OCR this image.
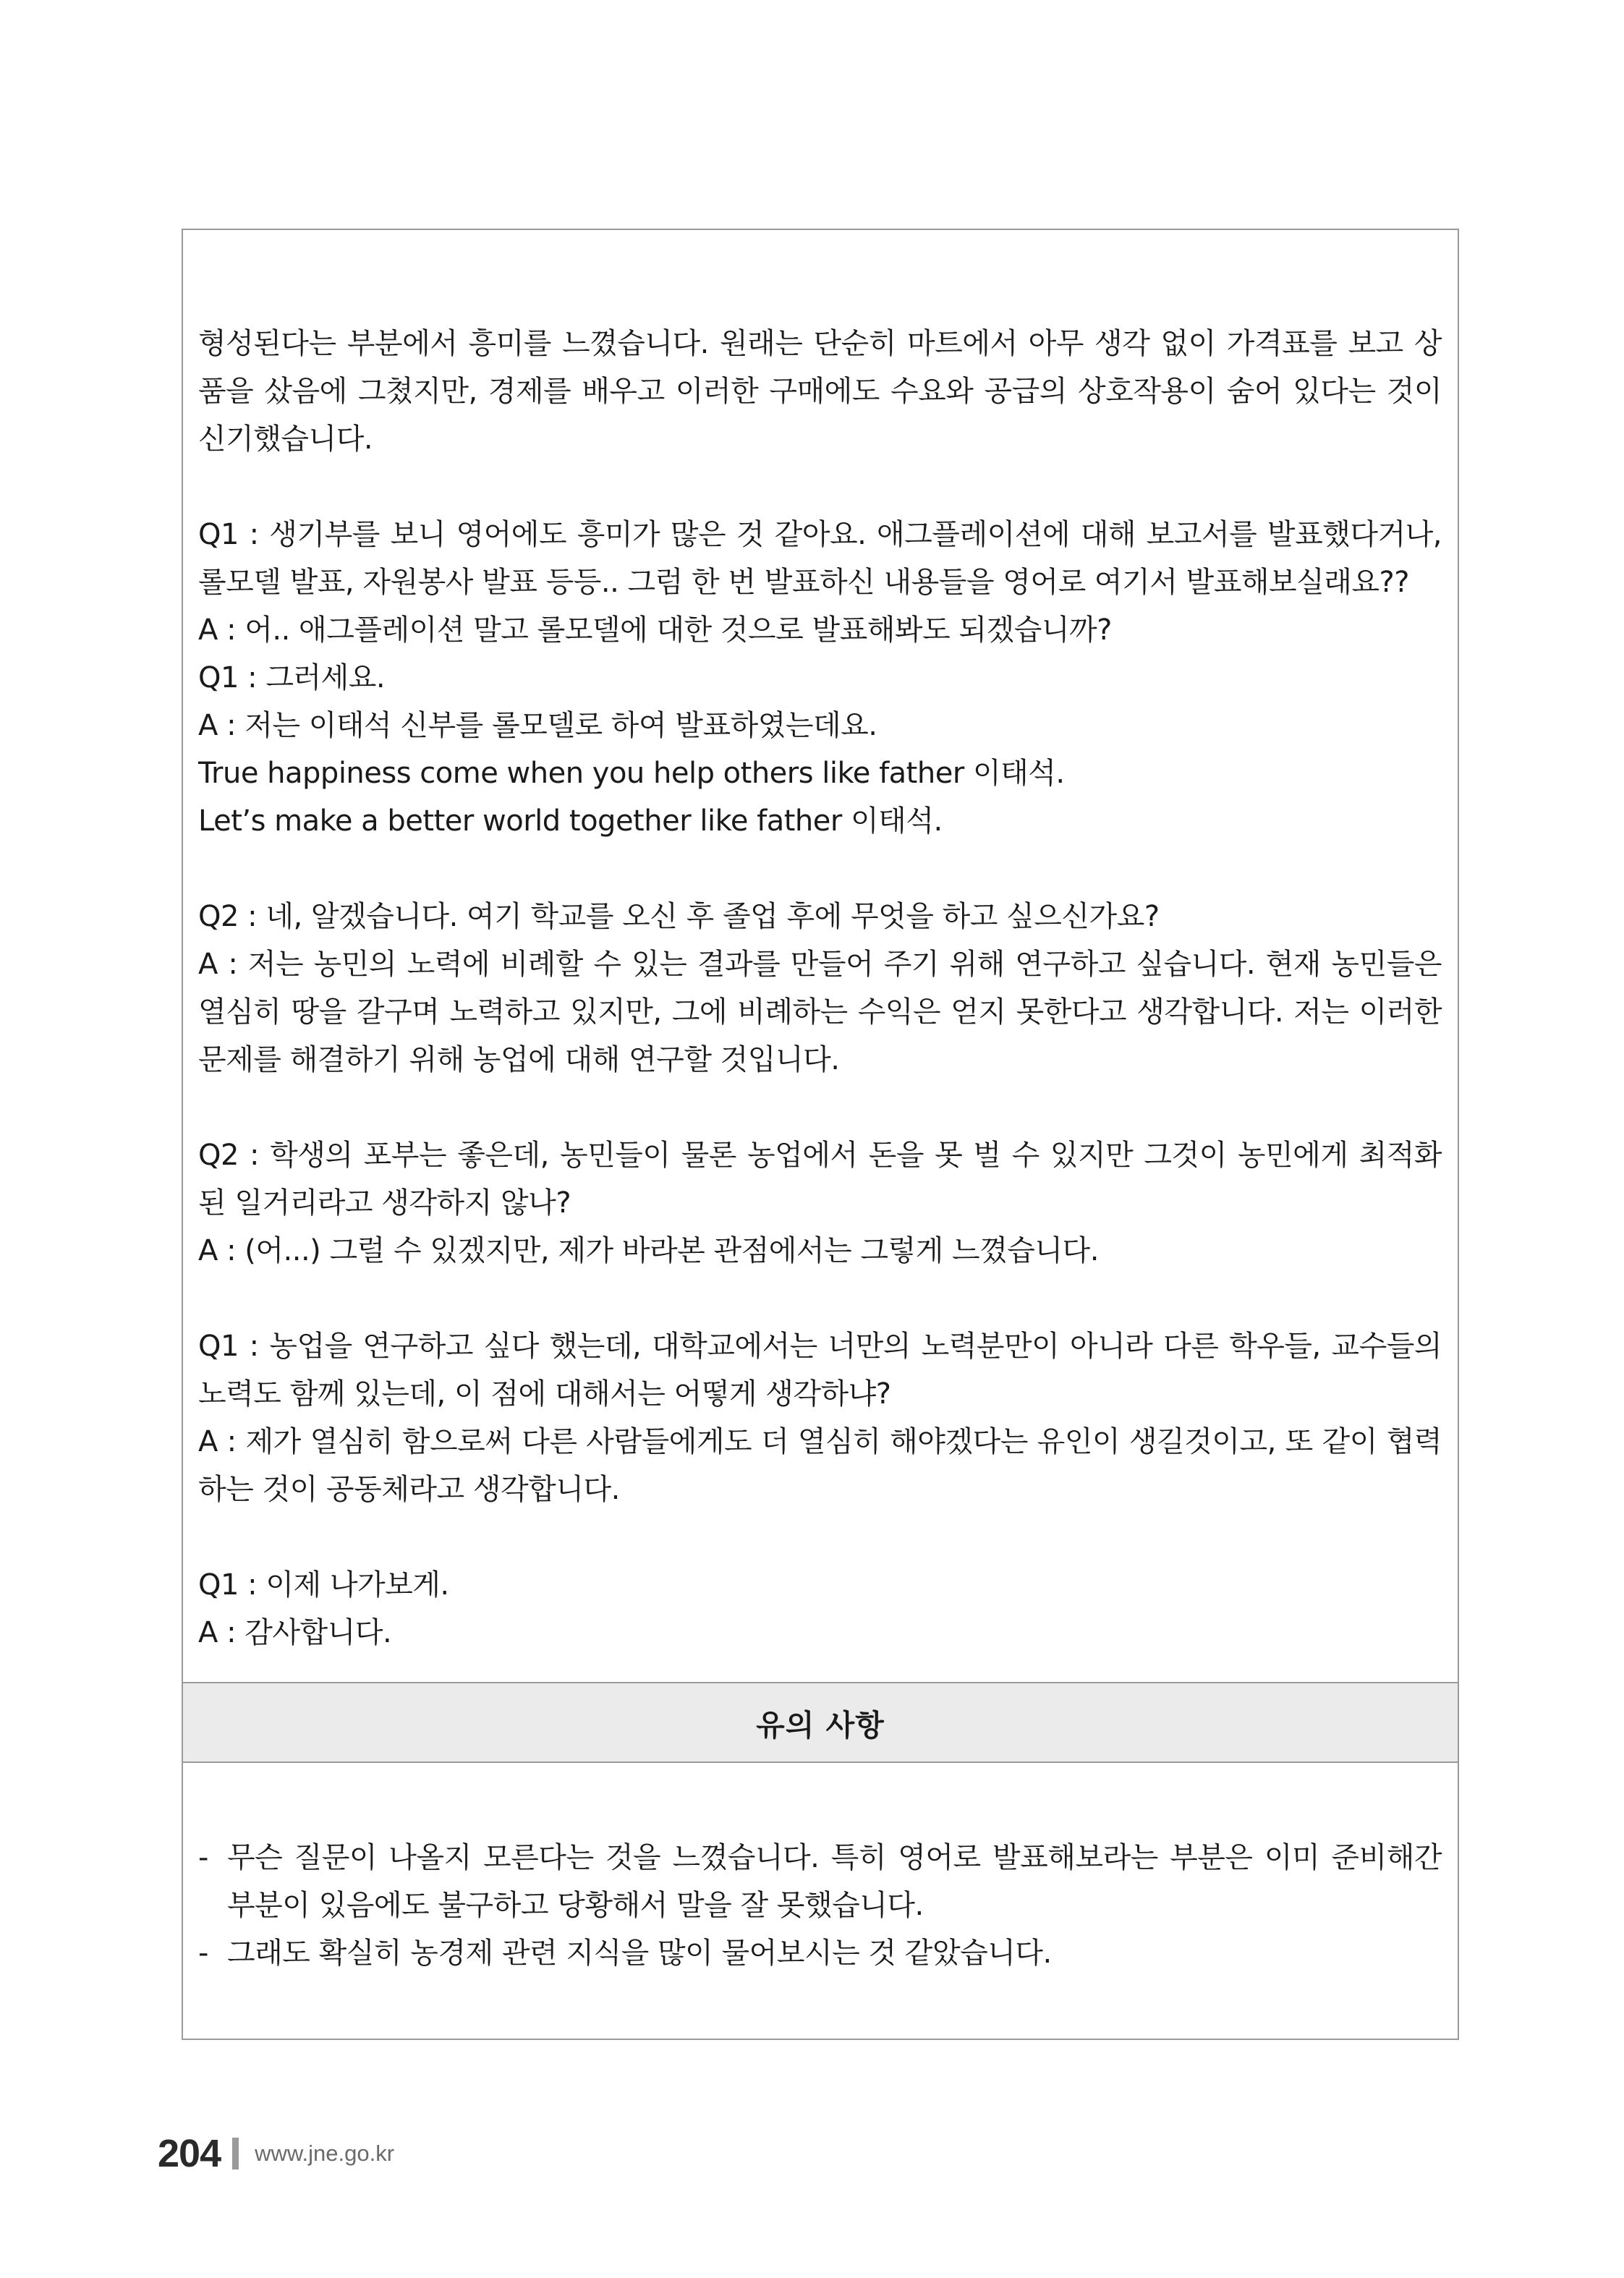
형성된다는 부분에서 흥미를 느꼈습니다. 원래는 단순히 마트에서 아무 생각 없이 가격표를 보고 상품을 샀음에 그쳤지만, 경제를 배우고 이러한 구매에도 수요와 공급의 상호작용이 숨어 있다는 것이 신기했습니다.

Q1 : 생기부를 보니 영어에도 흥미가 많은 것 같아요. 애그플레이션에 대해 보고서를 발표했다거나, 롤모델 발표, 자원봉사 발표 등등.. 그럼 한 번 발표하신 내용들을 영어로 여기서 발표해보실래요??

A : 어.. 애그플레이션 말고 롤모델에 대한 것으로 발표해봐도 되겠습니까?

Q1 : 그러세요.

A : 저는 이태석 신부를 롤모델로 하여 발표하였는데요.

True happiness come when you help others like father 이태석.

Let’s make a better world together like father 이태석.

Q2 : 네, 알겠습니다. 여기 학교를 오신 후 졸업 후에 무엇을 하고 싶으신가요?

A : 저는 농민의 노력에 비례할 수 있는 결과를 만들어 주기 위해 연구하고 싶습니다. 현재 농민들은 열심히 땅을 갈구며 노력하고 있지만, 그에 비례하는 수익은 얻지 못한다고 생각합니다. 저는 이러한 문제를 해결하기 위해 농업에 대해 연구할 것입니다.

Q2 : 학생의 포부는 좋은데, 농민들이 물론 농업에서 돈을 못 벌 수 있지만 그것이 농민에게 최적화 된 일거리라고 생각하지 않나?

A : (어...) 그럴 수 있겠지만, 제가 바라본 관점에서는 그렇게 느꼈습니다.

Q1 : 농업을 연구하고 싶다 했는데, 대학교에서는 너만의 노력분만이 아니라 다른 학우들, 교수들의 노력도 함께 있는데, 이 점에 대해서는 어떻게 생각하냐?

A : 제가 열심히 함으로써 다른 사람들에게도 더 열심히 해야겠다는 유인이 생길것이고, 또 같이 협력하는 것이 공동체라고 생각합니다.

Q1 : 이제 나가보게.

A : 감사합니다.

유의 사항
- 무슨 질문이 나올지 모른다는 것을 느꼈습니다. 특히 영어로 발표해보라는 부분은 이미 준비해간 부분이 있음에도 불구하고 당황해서 말을 잘 못했습니다.
- 그래도 확실히 농경제 관련 지식을 많이 물어보시는 것 같았습니다.
204 www.jne.go.kr
